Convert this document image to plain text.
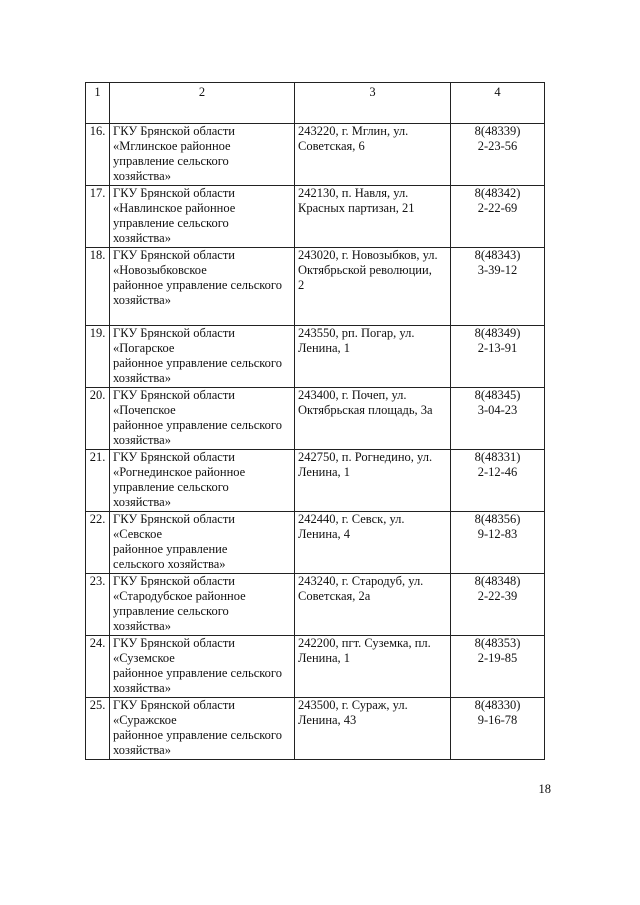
1	2	3	4
16.	ГКУ Брянской области
«Мглинское районное
управление сельского
хозяйства»	243220, г. Мглин, ул.
Советская, 6	8(48339)
2-23-56

17.	ГКУ Брянской области
«Навлинское районное
управление сельского
хозяйства»	242130, п. Навля, ул.
Красных партизан, 21	8(48342)
2-22-69

18.	ГКУ Брянской области
«Новозыбковское
районное управление сельского
хозяйства»	243020, г. Новозыбков, ул.
Октябрьской революции,
2	8(48343)
3-39-12

19.	ГКУ Брянской области
«Погарское
районное управление сельского
хозяйства»	243550, рп. Погар, ул.
Ленина, 1	8(48349)
2-13-91

20.	ГКУ Брянской области
«Почепское
районное управление сельского
хозяйства»	243400, г. Почеп, ул.
Октябрьская площадь, 3а	8(48345)
3-04-23

21.	ГКУ Брянской области
«Рогнединское районное
управление сельского
хозяйства»	242750, п. Рогнедино, ул.
Ленина, 1	8(48331)
2-12-46

22.	ГКУ Брянской области
«Севское
районное управление
сельского хозяйства»	242440, г. Севск, ул.
Ленина, 4	8(48356)
9-12-83

23.	ГКУ Брянской области
«Стародубское районное
управление сельского
хозяйства»	243240, г. Стародуб, ул.
Советская, 2а	8(48348)
2-22-39

24.	ГКУ Брянской области
«Суземское
районное управление сельского
хозяйства»	242200, пгт. Суземка, пл.
Ленина, 1	8(48353)
2-19-85

25.	ГКУ Брянской области
«Суражское
районное управление сельского
хозяйства»	243500, г. Сураж, ул.
Ленина, 43	8(48330)
9-16-78
18
